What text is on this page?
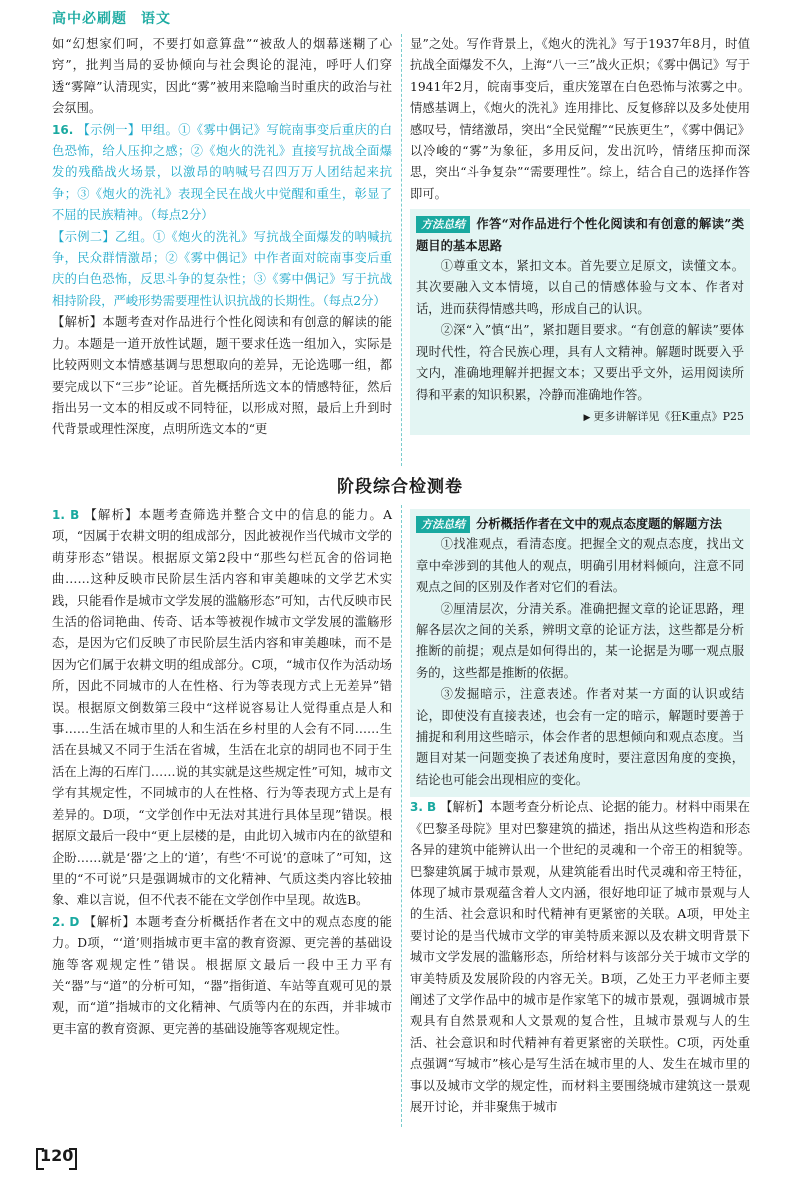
高中必刷题 语文

如“幻想家们呵，不要打如意算盘”“被敌人的烟幕迷糊了心窍”，批判当局的妥协倾向与社会舆论的混沌，呼吁人们穿透“雾障”认清现实，因此“雾”被用来隐喻当时重庆的政治与社会氛围。

16. 【示例一】甲组。①《雾中偶记》写皖南事变后重庆的白色恐怖，给人压抑之感；②《炮火的洗礼》直接写抗战全面爆发的残酷战火场景，以激昂的呐喊号召四万万人团结起来抗争；③《炮火的洗礼》表现全民在战火中觉醒和重生，彰显了不屈的民族精神。（每点2分）

【示例二】乙组。①《炮火的洗礼》写抗战全面爆发的呐喊抗争，民众群情激昂；②《雾中偶记》中作者面对皖南事变后重庆的白色恐怖，反思斗争的复杂性；③《雾中偶记》写于抗战相持阶段，严峻形势需要理性认识抗战的长期性。（每点2分）

【解析】本题考查对作品进行个性化阅读和有创意的解读的能力。本题是一道开放性试题，题干要求任选一组加入，实际是比较两则文本情感基调与思想取向的差异，无论选哪一组，都要完成以下“三步”论证。首先概括所选文本的情感特征，然后指出另一文本的相反或不同特征，以形成对照，最后上升到时代背景或理性深度，点明所选文本的“更

显”之处。写作背景上，《炮火的洗礼》写于1937年8月，时值抗战全面爆发不久，上海“八一三”战火正炽；《雾中偶记》写于1941年2月，皖南事变后，重庆笼罩在白色恐怖与浓雾之中。情感基调上，《炮火的洗礼》连用排比、反复修辞以及多处使用感叹号，情绪激昂，突出“全民觉醒”“民族更生”，《雾中偶记》以冷峻的“雾”为象征，多用反问，发出沉吟，情绪压抑而深思，突出“斗争复杂”“需要理性”。综上，结合自己的选择作答即可。

方法总结 作答“对作品进行个性化阅读和有创意的解读”类题目的基本思路

①尊重文本，紧扣文本。首先要立足原文，读懂文本。其次要融入文本情境，以自己的情感体验与文本、作者对话，进而获得情感共鸣，形成自己的认识。

②深“入”慎“出”，紧扣题目要求。“有创意的解读”要体现时代性，符合民族心理，具有人文精神。解题时既要入乎文内，准确地理解并把握文本；又要出乎文外，运用阅读所得和平素的知识积累，冷静而准确地作答。

▶ 更多讲解详见《狂K重点》P25

阶段综合检测卷

1. B 【解析】本题考查筛选并整合文中的信息的能力。A项，“因属于农耕文明的组成部分，因此被视作当代城市文学的萌芽形态”错误。根据原文第2段中“那些勾栏瓦舍的俗词艳曲……这种反映市民阶层生活内容和审美趣味的文学艺术实践，只能看作是城市文学发展的滥觞形态”可知，古代反映市民生活的俗词艳曲、传奇、话本等被视作城市文学发展的滥觞形态，是因为它们反映了市民阶层生活内容和审美趣味，而不是因为它们属于农耕文明的组成部分。C项，“城市仅作为活动场所，因此不同城市的人在性格、行为等表现方式上无差异”错误。根据原文倒数第三段中“这样说容易让人觉得重点是人和事……生活在城市里的人和生活在乡村里的人会有不同……生活在县城又不同于生活在省城，生活在北京的胡同也不同于生活在上海的石库门……说的其实就是这些规定性”可知，城市文学有其规定性，不同城市的人在性格、行为等表现方式上是有差异的。D项，“文学创作中无法对其进行具体呈现”错误。根据原文最后一段中“更上层楼的是，由此切入城市内在的欲望和企盼……就是‘器’之上的‘道’，有些‘不可说’的意味了”可知，这里的“不可说”只是强调城市的文化精神、气质这类内容比较抽象、难以言说，但不代表不能在文学创作中呈现。故选B。

2. D 【解析】本题考查分析概括作者在文中的观点态度的能力。D项，“‘道’则指城市更丰富的教育资源、更完善的基础设施等客观规定性”错误。根据原文最后一段中王力平有关“器”与“道”的分析可知，“器”指街道、车站等直观可见的景观，而“道”指城市的文化精神、气质等内在的东西，并非城市更丰富的教育资源、更完善的基础设施等客观规定性。

方法总结 分析概括作者在文中的观点态度题的解题方法

①找准观点，看清态度。把握全文的观点态度，找出文章中牵涉到的其他人的观点，明确引用材料倾向，注意不同观点之间的区别及作者对它们的看法。

②厘清层次，分清关系。准确把握文章的论证思路，理解各层次之间的关系，辨明文章的论证方法，这些都是分析推断的前提；观点是如何得出的，某一论据是为哪一观点服务的，这些都是推断的依据。

③发掘暗示，注意表述。作者对某一方面的认识或结论，即使没有直接表述，也会有一定的暗示，解题时要善于捕捉和利用这些暗示，体会作者的思想倾向和观点态度。当题目对某一问题变换了表述角度时，要注意因角度的变换，结论也可能会出现相应的变化。

3. B 【解析】本题考查分析论点、论据的能力。材料中雨果在《巴黎圣母院》里对巴黎建筑的描述，指出从这些构造和形态各异的建筑中能辨认出一个世纪的灵魂和一个帝王的相貌等。巴黎建筑属于城市景观，从建筑能看出时代灵魂和帝王特征，体现了城市景观蕴含着人文内涵，很好地印证了城市景观与人的生活、社会意识和时代精神有更紧密的关联。A项，甲处主要讨论的是当代城市文学的审美特质来源以及农耕文明背景下城市文学发展的滥觞形态，所给材料与该部分关于城市文学的审美特质及发展阶段的内容无关。B项，乙处王力平老师主要阐述了文学作品中的城市是作家笔下的城市景观，强调城市景观具有自然景观和人文景观的复合性，且城市景观与人的生活、社会意识和时代精神有着更紧密的关联性。C项，丙处重点强调“写城市”核心是写生活在城市里的人、发生在城市里的事以及城市文学的规定性，而材料主要围绕城市建筑这一景观展开讨论，并非聚焦于城市

120
